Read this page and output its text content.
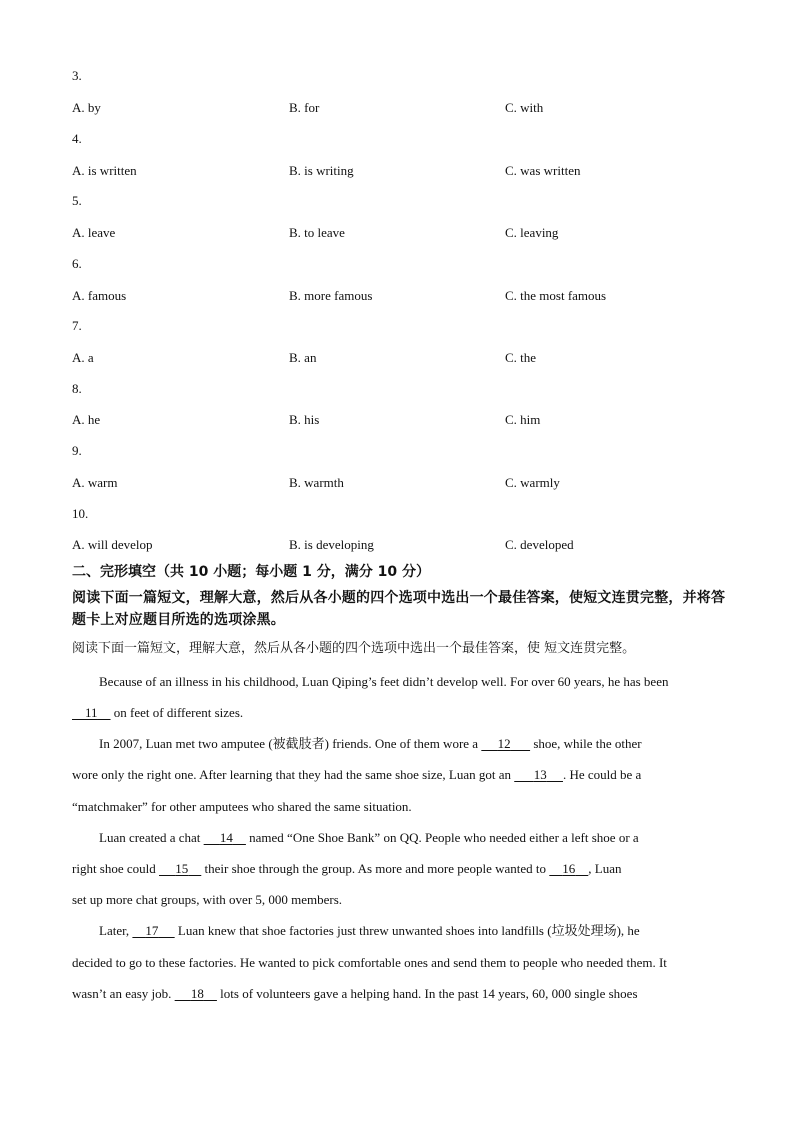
3.
A. by	B. for	C. with
4.
A. is written	B. is writing	C. was written
5.
A. leave	B. to leave	C. leaving
6.
A. famous	B. more famous	C. the most famous
7.
A. a	B. an	C. the
8.
A. he	B. his	C. him
9.
A. warm	B. warmth	C. warmly
10.
A. will develop	B. is developing	C. developed
二、完形填空（共 10 小题；每小题 1 分，满分 10 分）
阅读下面一篇短文，理解大意，然后从各小题的四个选项中选出一个最佳答案，使短文连贯完整，并将答题卡上对应题目所选的选项涂黑。
阅读下面一篇短文，理解大意，然后从各小题的四个选项中选出一个最佳答案，使 短文连贯完整。
Because of an illness in his childhood, Luan Qiping’s feet didn’t develop well. For over 60 years, he has been
11     on feet of different sizes.
In 2007, Luan met two amputee (被截肢者) friends. One of them wore a      12       shoe, while the other
wore only the right one. After learning that they had the same shoe size, Luan got an       13 . He could be a
“matchmaker” for other amputees who shared the same situation.
Luan created a chat      14     named “One Shoe Bank” on QQ. People who needed either a left shoe or a
right shoe could      15     their shoe through the group. As more and more people wanted to     16 , Luan
set up more chat groups, with over 5, 000 members.
Later,     17      Luan knew that shoe factories just threw unwanted shoes into landfills (垃圾处理场), he
decided to go to these factories. He wanted to pick comfortable ones and send them to people who needed them. It
wasn’t an easy job.      18     lots of volunteers gave a helping hand. In the past 14 years, 60, 000 single shoes
